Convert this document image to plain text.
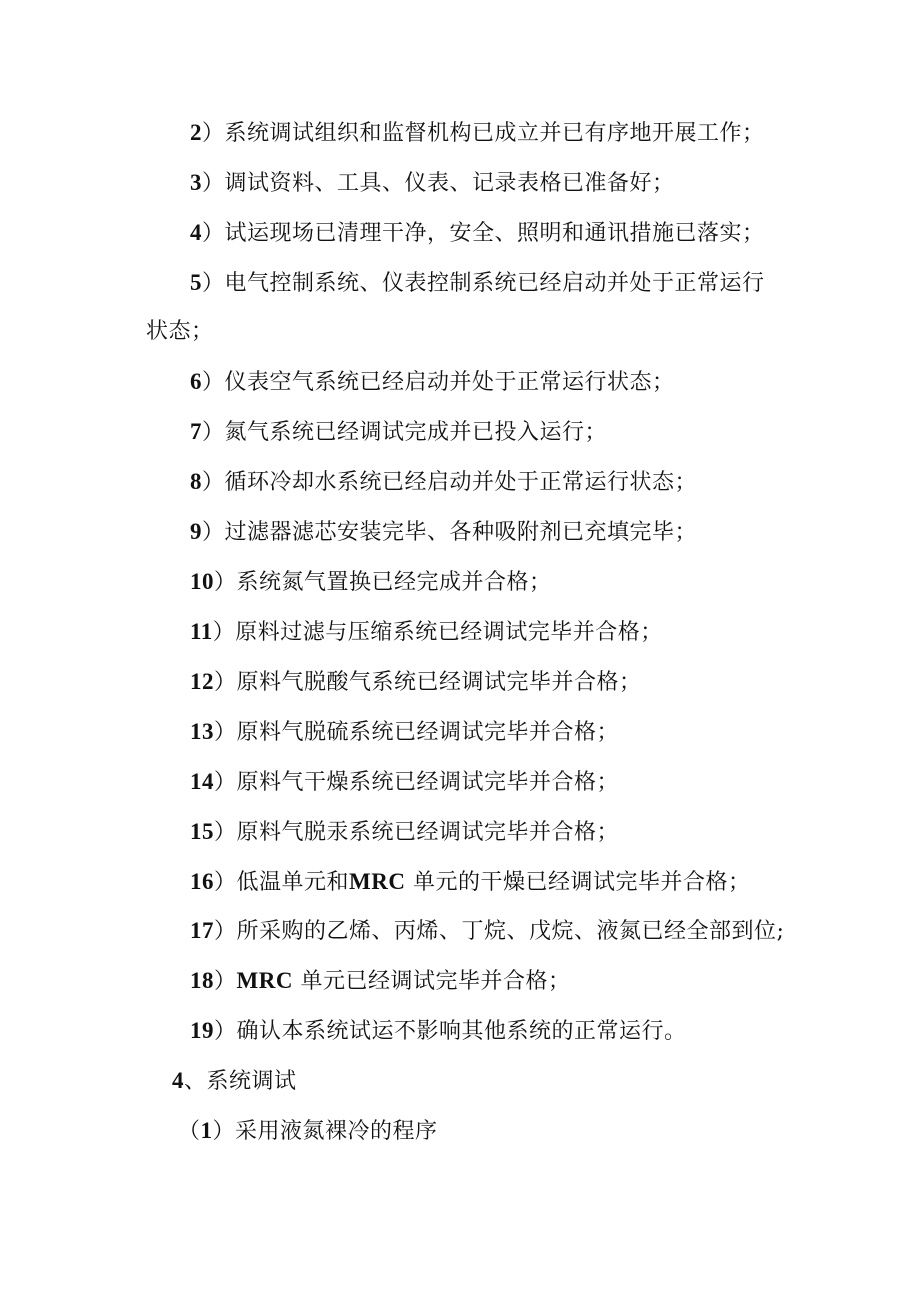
2）系统调试组织和监督机构已成立并已有序地开展工作；
3）调试资料、工具、仪表、记录表格已准备好；
4）试运现场已清理干净，安全、照明和通讯措施已落实；
5）电气控制系统、仪表控制系统已经启动并处于正常运行
状态；
6）仪表空气系统已经启动并处于正常运行状态；
7）氮气系统已经调试完成并已投入运行；
8）循环冷却水系统已经启动并处于正常运行状态；
9）过滤器滤芯安装完毕、各种吸附剂已充填完毕；
10）系统氮气置换已经完成并合格；
11）原料过滤与压缩系统已经调试完毕并合格；
12）原料气脱酸气系统已经调试完毕并合格；
13）原料气脱硫系统已经调试完毕并合格；
14）原料气干燥系统已经调试完毕并合格；
15）原料气脱汞系统已经调试完毕并合格；
16）低温单元和MRC 单元的干燥已经调试完毕并合格；
17）所采购的乙烯、丙烯、丁烷、戊烷、液氮已经全部到位;
18）MRC 单元已经调试完毕并合格；
19）确认本系统试运不影响其他系统的正常运行。
4、系统调试
（1）采用液氮裸冷的程序
